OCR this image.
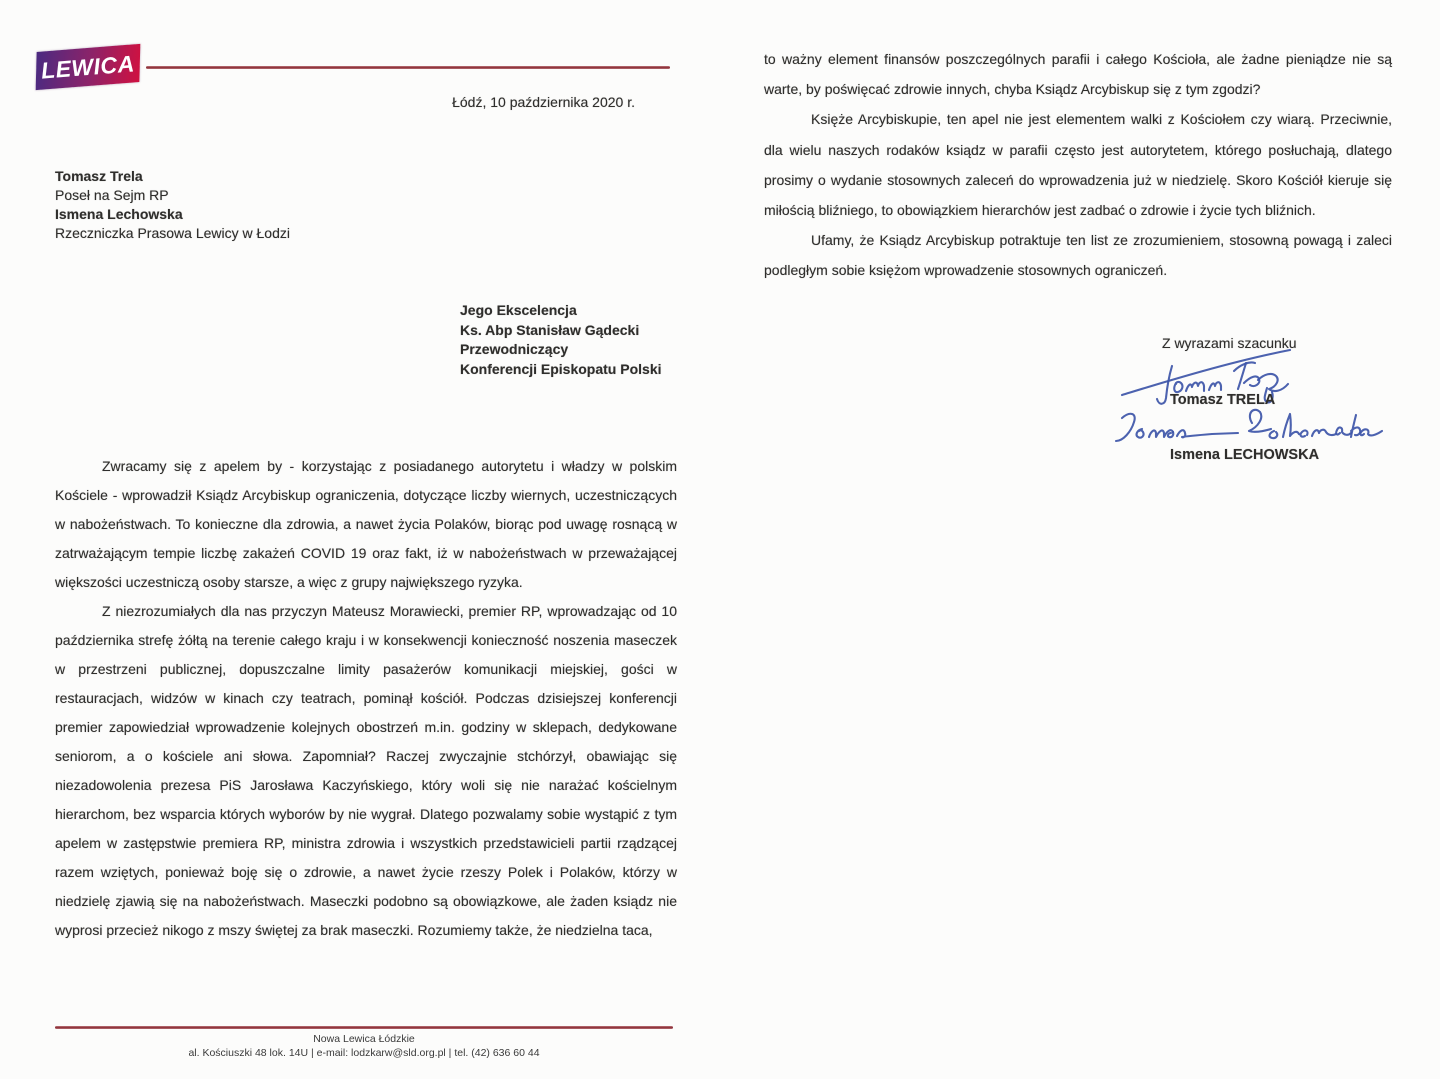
LEWICA
Łódź, 10 października 2020 r.
Tomasz Trela
Poseł na Sejm RP
Ismena Lechowska
Rzeczniczka Prasowa Lewicy w Łodzi
Jego Ekscelencja
Ks. Abp Stanisław Gądecki
Przewodniczący
Konferencji Episkopatu Polski

Zwracamy się z apelem by - korzystając z posiadanego autorytetu i władzy w polskim Kościele - wprowadził Ksiądz Arcybiskup ograniczenia, dotyczące liczby wiernych, uczestniczących w nabożeństwach. To konieczne dla zdrowia, a nawet życia Polaków, biorąc pod uwagę rosnącą w zatrważającym tempie liczbę zakażeń COVID 19 oraz fakt, iż w nabożeństwach w przeważającej większości uczestniczą osoby starsze, a więc z grupy największego ryzyka.

Z niezrozumiałych dla nas przyczyn Mateusz Morawiecki, premier RP, wprowadzając od 10 października strefę żółtą na terenie całego kraju i w konsekwencji konieczność noszenia maseczek w przestrzeni publicznej, dopuszczalne limity pasażerów komunikacji miejskiej, gości w restauracjach, widzów w kinach czy teatrach, pominął kościół. Podczas dzisiejszej konferencji premier zapowiedział wprowadzenie kolejnych obostrzeń m.in. godziny w sklepach, dedykowane seniorom, a o kościele ani słowa. Zapomniał? Raczej zwyczajnie stchórzył, obawiając się niezadowolenia prezesa PiS Jarosława Kaczyńskiego, który woli się nie narażać kościelnym hierarchom, bez wsparcia których wyborów by nie wygrał. Dlatego pozwalamy sobie wystąpić z tym apelem w zastępstwie premiera RP, ministra zdrowia i wszystkich przedstawicieli partii rządzącej razem wziętych, ponieważ boję się o zdrowie, a nawet życie rzeszy Polek i Polaków, którzy w niedzielę zjawią się na nabożeństwach. Maseczki podobno są obowiązkowe, ale żaden ksiądz nie wyprosi przecież nikogo z mszy świętej za brak maseczki. Rozumiemy także, że niedzielna taca,

Nowa Lewica Łódzkie
al. Kościuszki 48 lok. 14U | e-mail: lodzkarw@sld.org.pl | tel. (42) 636 60 44

to ważny element finansów poszczególnych parafii i całego Kościoła, ale żadne pieniądze nie są warte, by poświęcać zdrowie innych, chyba Ksiądz Arcybiskup się z tym zgodzi?

Księże Arcybiskupie, ten apel nie jest elementem walki z Kościołem czy wiarą. Przeciwnie, dla wielu naszych rodaków ksiądz w parafii często jest autorytetem, którego posłuchają, dlatego prosimy o wydanie stosownych zaleceń do wprowadzenia już w niedzielę. Skoro Kościół kieruje się miłością bliźniego, to obowiązkiem hierarchów jest zadbać o zdrowie i życie tych bliźnich.

Ufamy, że Ksiądz Arcybiskup potraktuje ten list ze zrozumieniem, stosowną powagą i zaleci podległym sobie księżom wprowadzenie stosownych ograniczeń.

Z wyrazami szacunku
Tomasz TRELA
Ismena LECHOWSKA
